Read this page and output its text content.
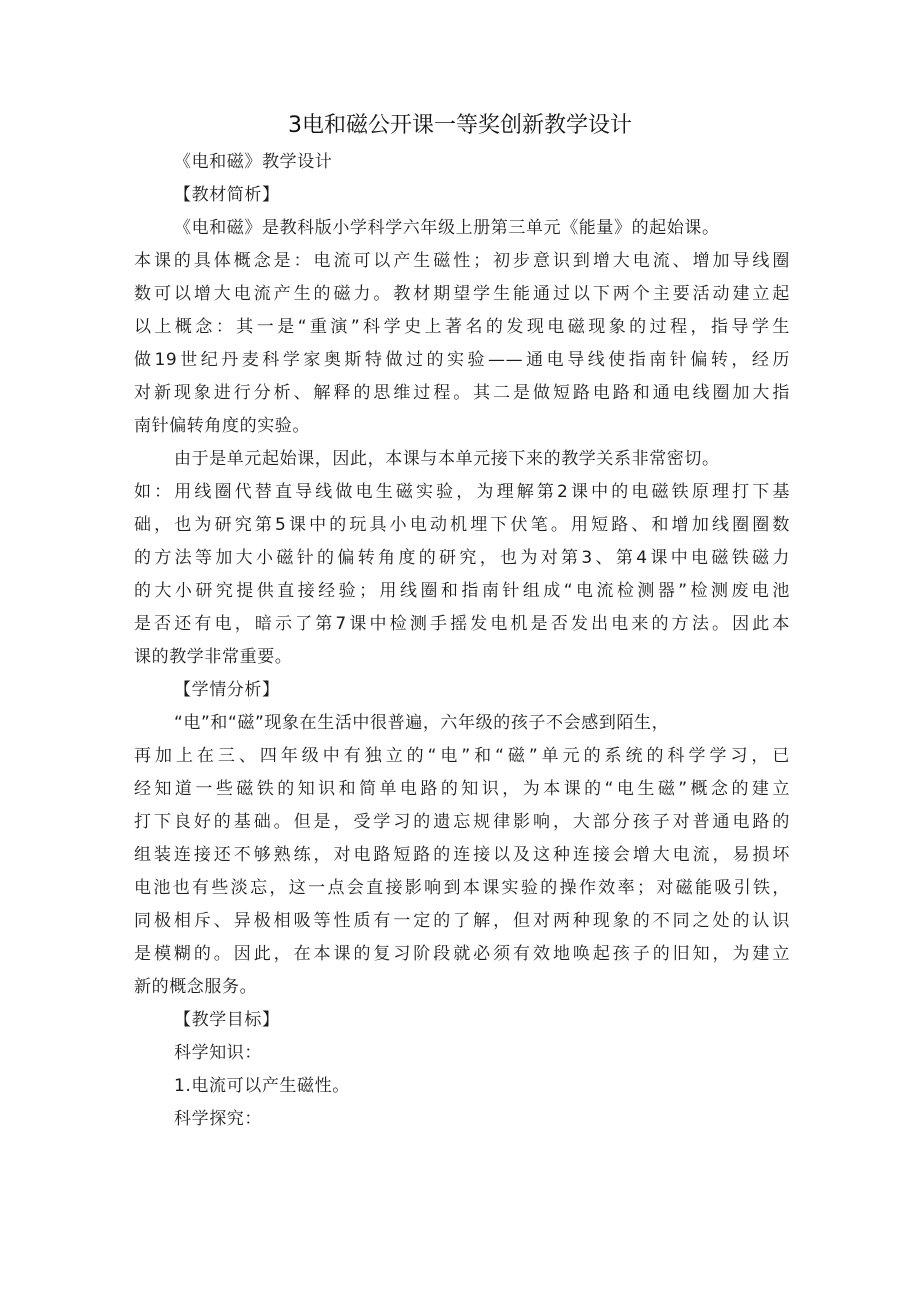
3电和磁公开课一等奖创新教学设计
《电和磁》教学设计
【教材简析】
《电和磁》是教科版小学科学六年级上册第三单元《能量》的起始课。
本课的具体概念是：电流可以产生磁性；初步意识到增大电流、增加导线圈
数可以增大电流产生的磁力。教材期望学生能通过以下两个主要活动建立起
以上概念：其一是“重演”科学史上著名的发现电磁现象的过程，指导学生
做19世纪丹麦科学家奥斯特做过的实验——通电导线使指南针偏转，经历
对新现象进行分析、解释的思维过程。其二是做短路电路和通电线圈加大指
南针偏转角度的实验。
由于是单元起始课，因此，本课与本单元接下来的教学关系非常密切。
如：用线圈代替直导线做电生磁实验，为理解第2课中的电磁铁原理打下基
础，也为研究第5课中的玩具小电动机埋下伏笔。用短路、和增加线圈圈数
的方法等加大小磁针的偏转角度的研究，也为对第3、第4课中电磁铁磁力
的大小研究提供直接经验；用线圈和指南针组成“电流检测器”检测废电池
是否还有电，暗示了第7课中检测手摇发电机是否发出电来的方法。因此本
课的教学非常重要。
【学情分析】
“电”和“磁”现象在生活中很普遍，六年级的孩子不会感到陌生，
再加上在三、四年级中有独立的“电”和“磁”单元的系统的科学学习，已
经知道一些磁铁的知识和简单电路的知识，为本课的“电生磁”概念的建立
打下良好的基础。但是，受学习的遗忘规律影响，大部分孩子对普通电路的
组装连接还不够熟练，对电路短路的连接以及这种连接会增大电流，易损坏
电池也有些淡忘，这一点会直接影响到本课实验的操作效率；对磁能吸引铁，
同极相斥、异极相吸等性质有一定的了解，但对两种现象的不同之处的认识
是模糊的。因此，在本课的复习阶段就必须有效地唤起孩子的旧知，为建立
新的概念服务。
【教学目标】
科学知识：
1.电流可以产生磁性。
科学探究：
